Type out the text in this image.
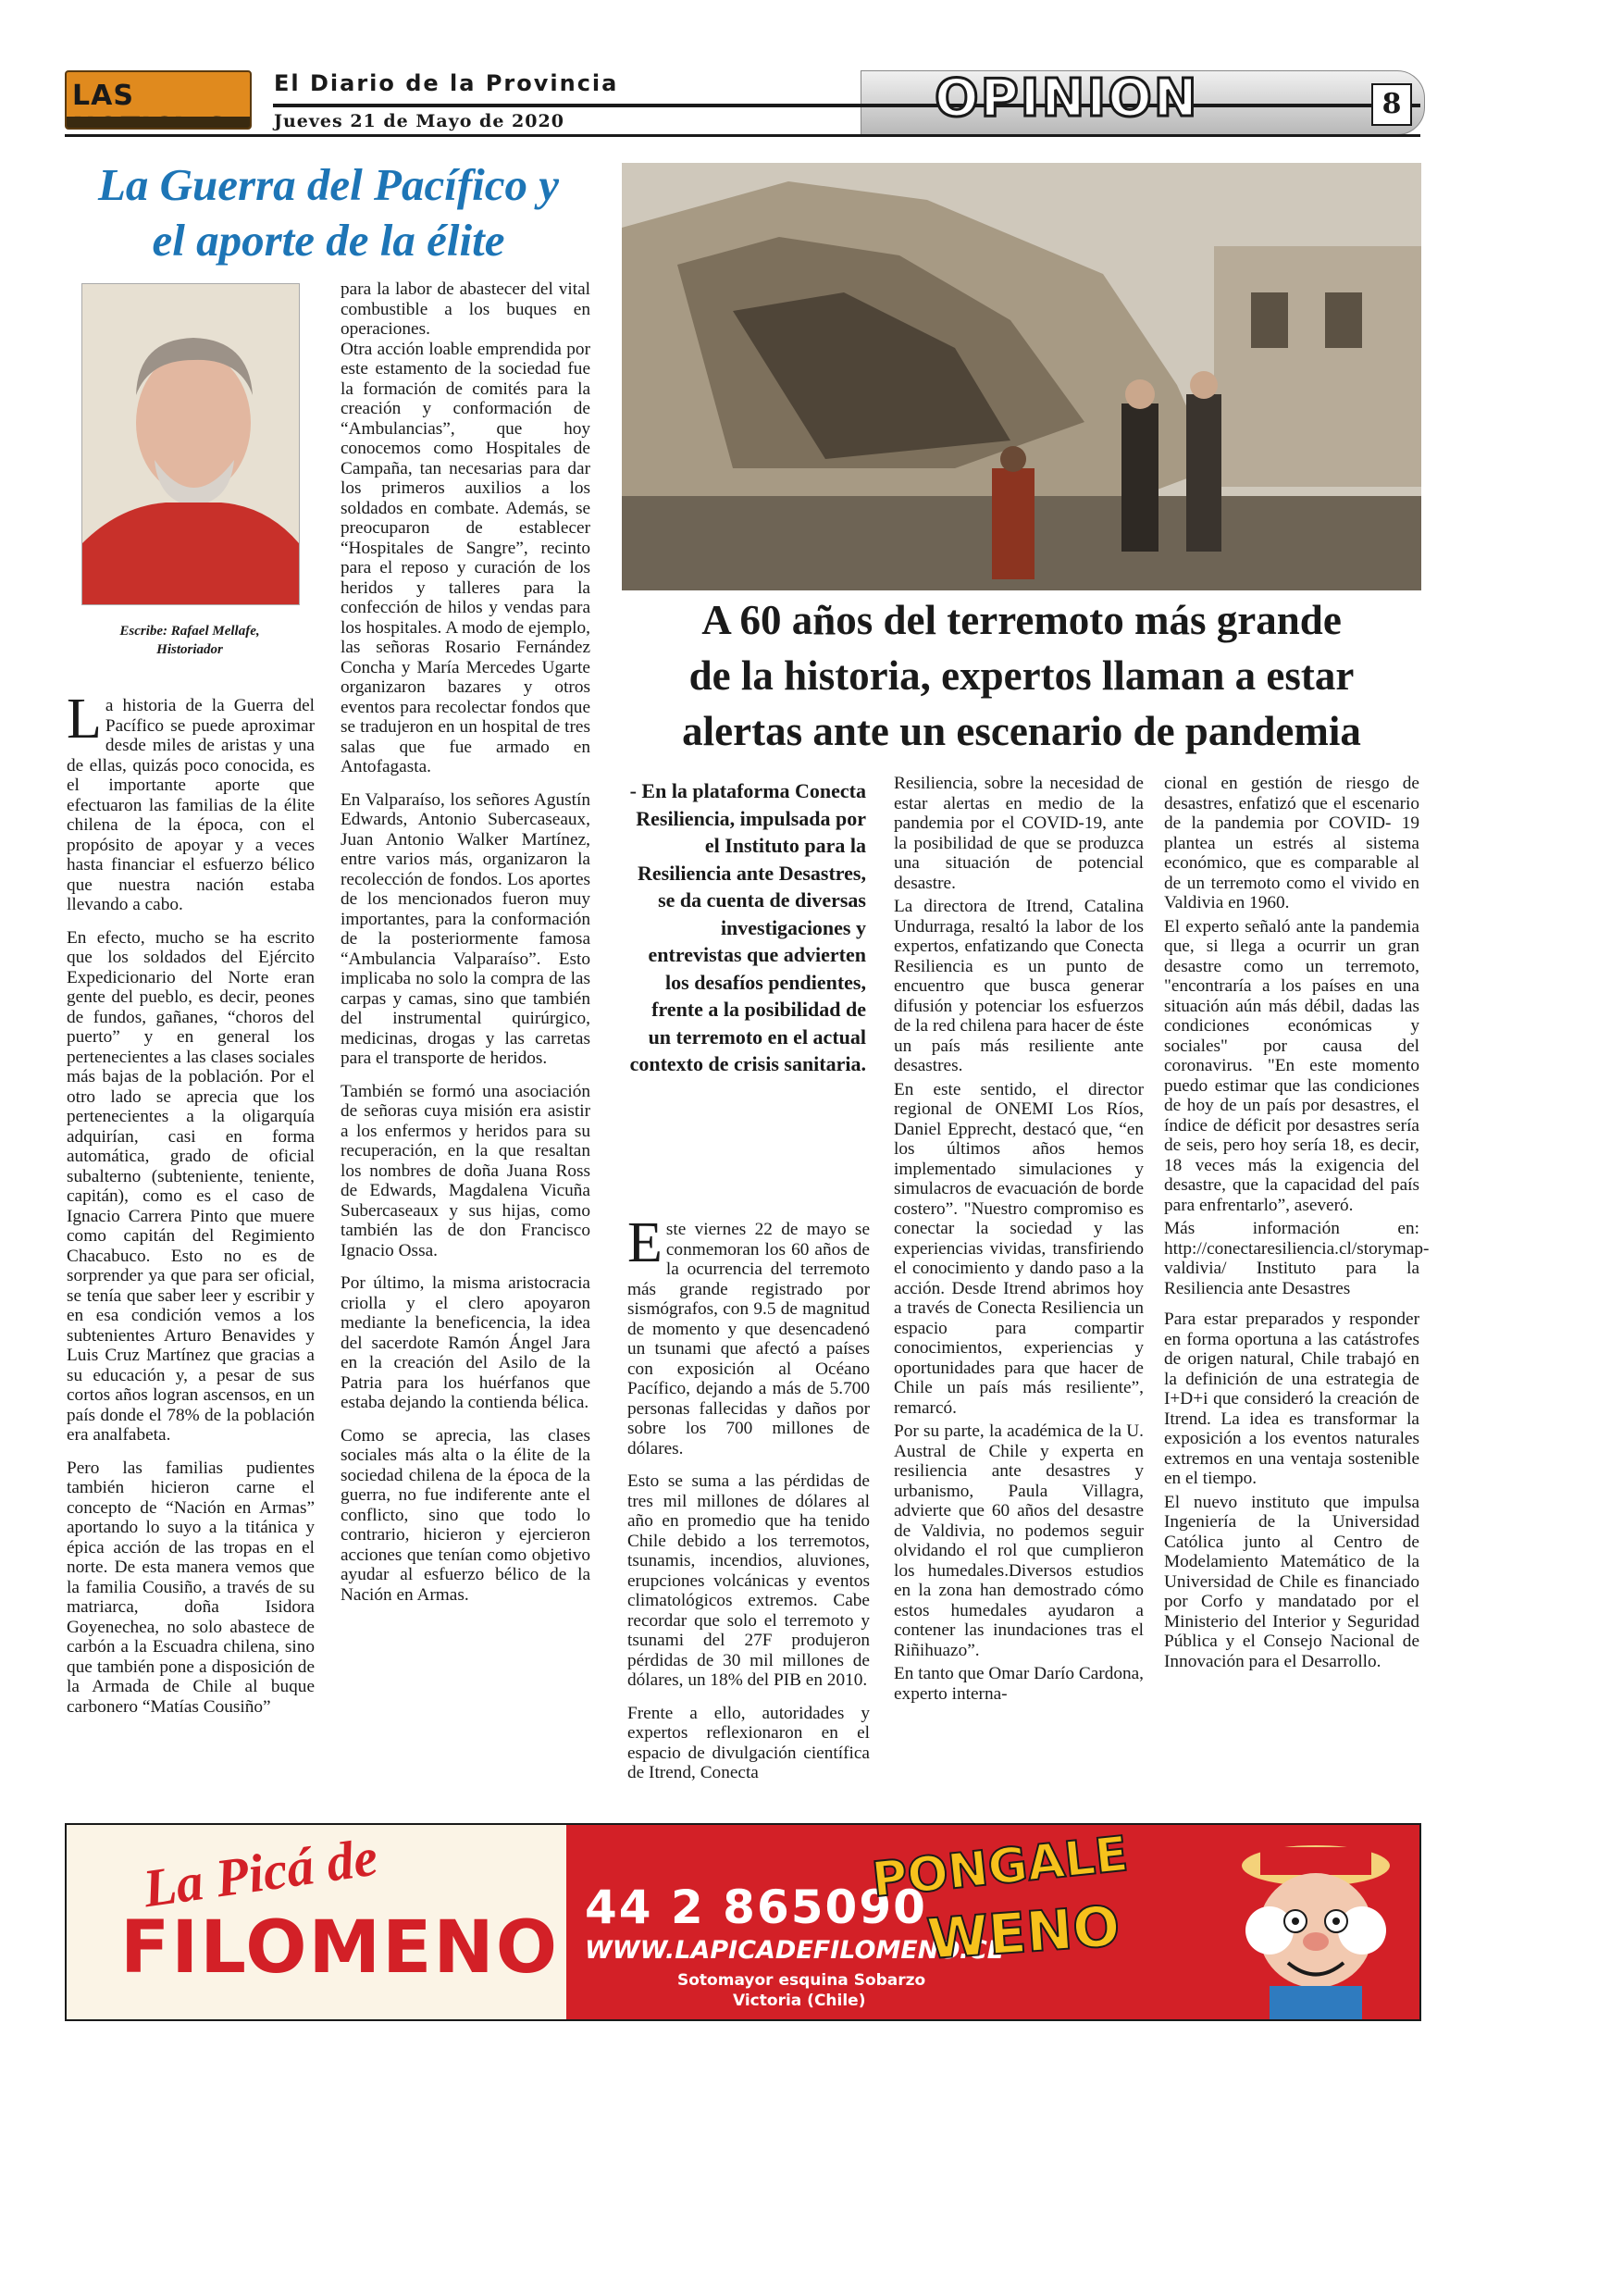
LAS	El Diario de la Provincia
Jueves 21 de Mayo de 2020	OPINION	8
La Guerra del Pacífico y
el aporte de la élite
Escribe: Rafael Mellafe,
Historiador

La historia de la Guerra del Pacífico se puede aproximar desde miles de aristas y una de ellas, quizás poco conocida, es el importante aporte que efectuaron las familias de la élite chilena de la época, con el propósito de apoyar y a veces hasta financiar el esfuerzo bélico que nuestra nación estaba llevando a cabo.

En efecto, mucho se ha escrito que los soldados del Ejército Expedicionario del Norte eran gente del pueblo, es decir, peones de fundos, gañanes, “choros del puerto” y en general los pertenecientes a las clases sociales más bajas de la población. Por el otro lado se aprecia que los pertenecientes a la oligarquía adquirían, casi en forma automática, grado de oficial subalterno (subteniente, teniente, capitán), como es el caso de Ignacio Carrera Pinto que muere como capitán del Regimiento Chacabuco. Esto no es de sorprender ya que para ser oficial, se tenía que saber leer y escribir y en esa condición vemos a los subtenientes Arturo Benavides y Luis Cruz Martínez que gracias a su educación y, a pesar de sus cortos años logran ascensos, en un país donde el 78% de la población era analfabeta.

Pero las familias pudientes también hicieron carne el concepto de “Nación en Armas” aportando lo suyo a la titánica y épica acción de las tropas en el norte. De esta manera vemos que la familia Cousiño, a través de su matriarca, doña Isidora Goyenechea, no solo abastece de carbón a la Escuadra chilena, sino que también pone a disposición de la Armada de Chile al buque carbonero “Matías Cousiño”

para la labor de abastecer del vital combustible a los buques en operaciones.

Otra acción loable emprendida por este estamento de la sociedad fue la formación de comités para la creación y conformación de “Ambulancias”, que hoy conocemos como Hospitales de Campaña, tan necesarias para dar los primeros auxilios a los soldados en combate. Además, se preocuparon de establecer “Hospitales de Sangre”, recinto para el reposo y curación de los heridos y talleres para la confección de hilos y vendas para los hospitales. A modo de ejemplo, las señoras Rosario Fernández Concha y María Mercedes Ugarte organizaron bazares y otros eventos para recolectar fondos que se tradujeron en un hospital de tres salas que fue armado en Antofagasta.

En Valparaíso, los señores Agustín Edwards, Antonio Subercaseaux, Juan Antonio Walker Martínez, entre varios más, organizaron la recolección de fondos. Los aportes de los mencionados fueron muy importantes, para la conformación de la posteriormente famosa “Ambulancia Valparaíso”. Esto implicaba no solo la compra de las carpas y camas, sino que también del instrumental quirúrgico, medicinas, drogas y las carretas para el transporte de heridos.

También se formó una asociación de señoras cuya misión era asistir a los enfermos y heridos para su recuperación, en la que resaltan los nombres de doña Juana Ross de Edwards, Magdalena Vicuña Subercaseaux y sus hijas, como también las de don Francisco Ignacio Ossa.

Por último, la misma aristocracia criolla y el clero apoyaron mediante la beneficencia, la idea del sacerdote Ramón Ángel Jara en la creación del Asilo de la Patria para los huérfanos que estaba dejando la contienda bélica.

Como se aprecia, las clases sociales más alta o la élite de la sociedad chilena de la época de la guerra, no fue indiferente ante el conflicto, sino que todo lo contrario, hicieron y ejercieron acciones que tenían como objetivo ayudar al esfuerzo bélico de la Nación en Armas.

A 60 años del terremoto más grande
de la historia, expertos llaman a estar
alertas ante un escenario de pandemia
- En la plataforma Conecta Resiliencia, impulsada por el Instituto para la Resiliencia ante Desastres, se da cuenta de diversas investigaciones y entrevistas que advierten los desafíos pendientes, frente a la posibilidad de un terremoto en el actual contexto de crisis sanitaria.

Este viernes 22 de mayo se conmemoran los 60 años de la ocurrencia del terremoto más grande registrado por sismógrafos, con 9.5 de magnitud de momento y que desencadenó un tsunami que afectó a países con exposición al Océano Pacífico, dejando a más de 5.700 personas fallecidas y daños por sobre los 700 millones de dólares.

Esto se suma a las pérdidas de tres mil millones de dólares al año en promedio que ha tenido Chile debido a los terremotos, tsunamis, incendios, aluviones, erupciones volcánicas y eventos climatológicos extremos. Cabe recordar que solo el terremoto y tsunami del 27F produjeron pérdidas de 30 mil millones de dólares, un 18% del PIB en 2010.

Frente a ello, autoridades y expertos reflexionaron en el espacio de divulgación científica de Itrend, Conecta

Resiliencia, sobre la necesidad de estar alertas en medio de la pandemia por el COVID-19, ante la posibilidad de que se produzca una situación de potencial desastre.

La directora de Itrend, Catalina Undurraga, resaltó la labor de los expertos, enfatizando que Conecta Resiliencia es un punto de encuentro que busca generar difusión y potenciar los esfuerzos de la red chilena para hacer de éste un país más resiliente ante desastres.

En este sentido, el director regional de ONEMI Los Ríos, Daniel Epprecht, destacó que, “en los últimos años hemos implementado simulaciones y simulacros de evacuación de borde costero”. "Nuestro compromiso es conectar la sociedad y las experiencias vividas, transfiriendo el conocimiento y dando paso a la acción. Desde Itrend abrimos hoy a través de Conecta Resiliencia un espacio para compartir conocimientos, experiencias y oportunidades para que hacer de Chile un país más resiliente”, remarcó.

Por su parte, la académica de la U. Austral de Chile y experta en resiliencia ante desastres y urbanismo, Paula Villagra, advierte que 60 años del desastre de Valdivia, no podemos seguir olvidando el rol que cumplieron los humedales.Diversos estudios en la zona han demostrado cómo estos humedales ayudaron a contener las inundaciones tras el Riñihuazo”.

En tanto que Omar Darío Cardona, experto interna-

cional en gestión de riesgo de desastres, enfatizó que el escenario de la pandemia por COVID- 19 plantea un estrés al sistema económico, que es comparable al de un terremoto como el vivido en Valdivia en 1960.

El experto señaló ante la pandemia que, si llega a ocurrir un gran desastre como un terremoto, "encontraría a los países en una situación aún más débil, dadas las condiciones económicas y sociales" por causa del coronavirus. "En este momento puedo estimar que las condiciones de hoy de un país por desastres, el índice de déficit por desastres sería de seis, pero hoy sería 18, es decir, 18 veces más la exigencia del desastre, que la capacidad del país para enfrentarlo”, aseveró.

Más información en: http://conectaresiliencia.cl/storymap-valdivia/ Instituto para la Resiliencia ante Desastres

Para estar preparados y responder en forma oportuna a las catástrofes de origen natural, Chile trabajó en la definición de una estrategia de I+D+i que consideró la creación de Itrend. La idea es transformar la exposición a los eventos naturales extremos en una ventaja sostenible en el tiempo.

El nuevo instituto que impulsa Ingeniería de la Universidad Católica junto al Centro de Modelamiento Matemático de la Universidad de Chile es financiado por Corfo y mandatado por el Ministerio del Interior y Seguridad Pública y el Consejo Nacional de Innovación para el Desarrollo.

La Picá de
FILOMENO 44 2 865090
WWW.LAPICADEFILOMENO.CL
Sotomayor esquina Sobarzo
Victoria (Chile)
PONGALE
WENO
